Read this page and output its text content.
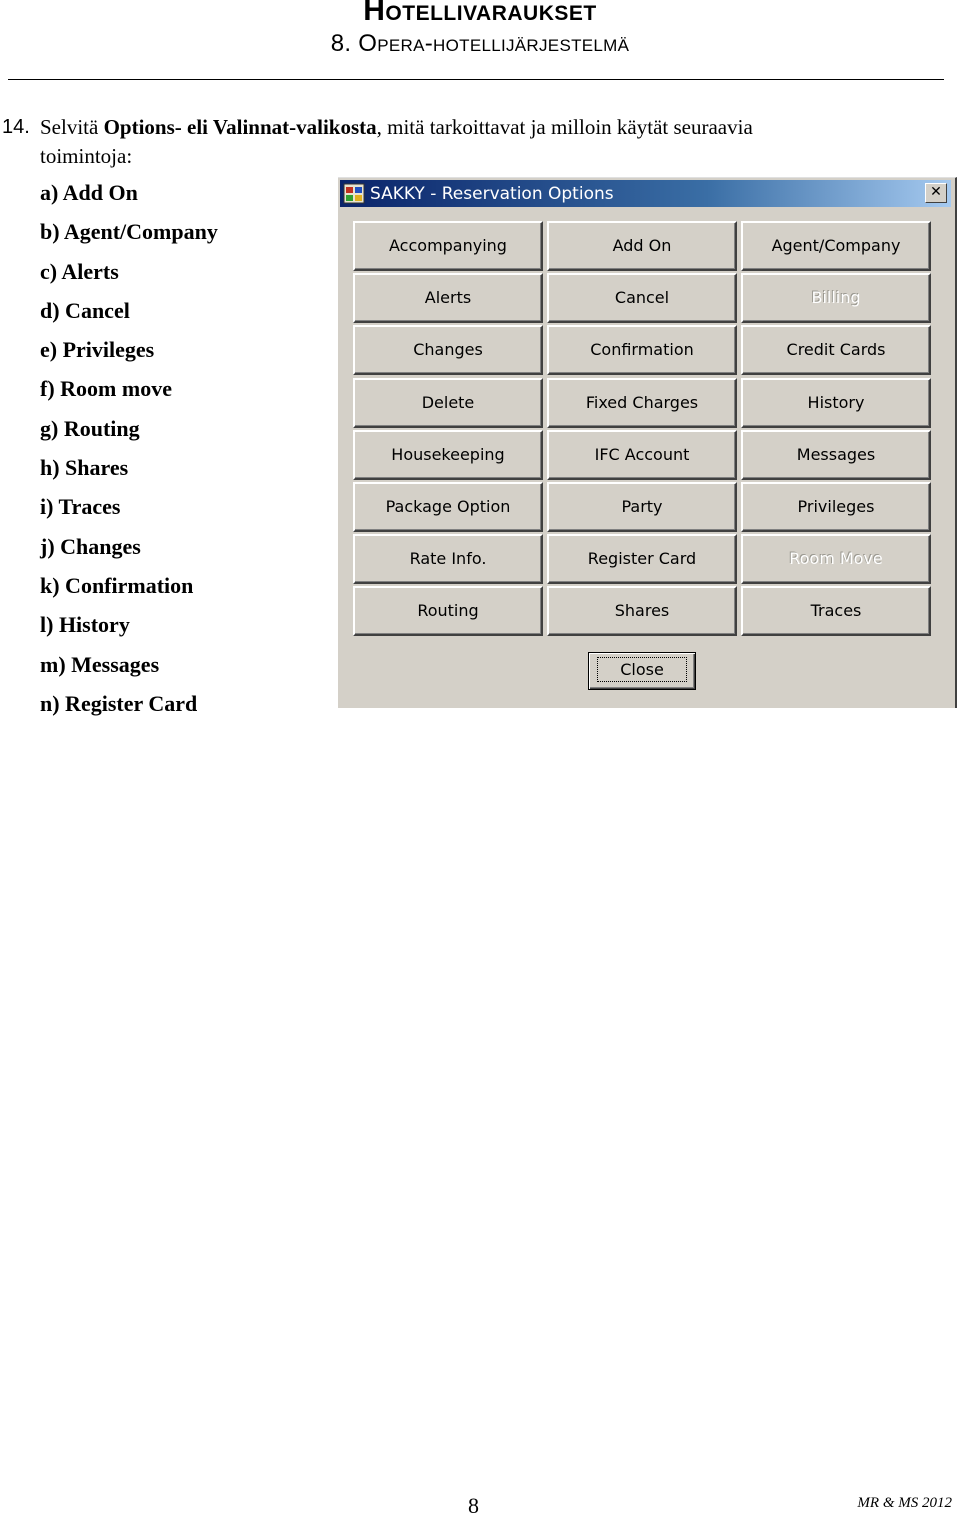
Hotellivaraukset
8. Opera-hotellijärjestelmä
14. Selvitä Options- eli Valinnat-valikosta, mitä tarkoittavat ja milloin käytät seuraavia
toimintoja:
a) Add On
b) Agent/Company
c) Alerts
d) Cancel
e) Privileges
f) Room move
g) Routing
h) Shares
i) Traces
j) Changes
k) Confirmation
l) History
m) Messages
n) Register Card
SAKKY - Reservation Options	✕
Accompanying	Add On	Agent/Company
Alerts	Cancel	Billing
Changes	Confirmation	Credit Cards
Delete	Fixed Charges	History
Housekeeping	IFC Account	Messages
Package Option	Party	Privileges
Rate Info.	Register Card	Room Move
Routing	Shares	Traces
Close
8	MR & MS 2012
